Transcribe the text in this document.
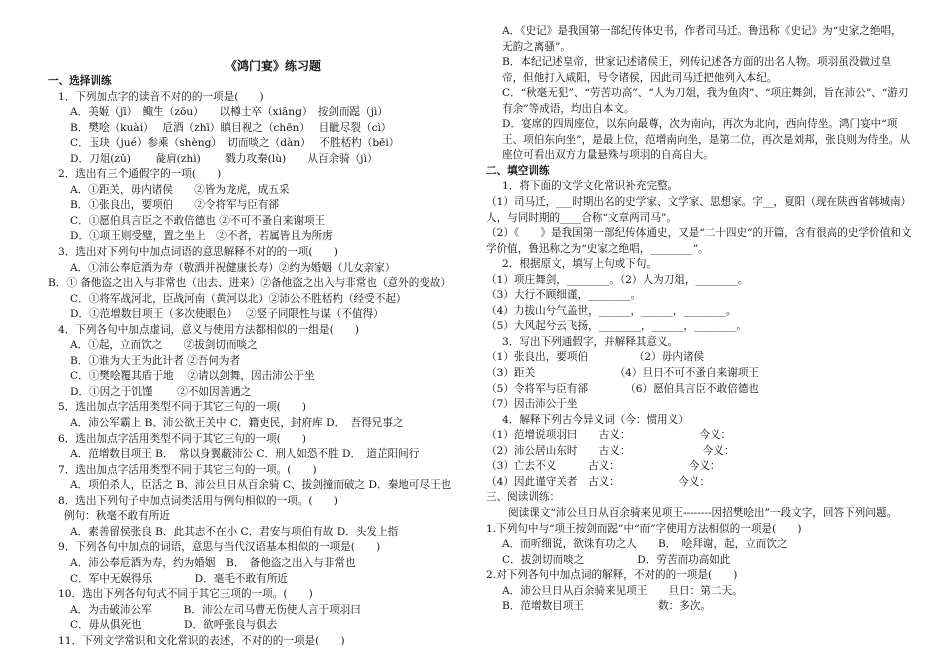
《鸿门宴》练习题
一、选择训练
1．下列加点字的读音不对的的一项是(　　)
A．美姬（jī）　鲰生（zōu）　　以樽士卒（xiāng）　按剑而跽（jì）
B．樊哙（kuài）　 卮酒（zhī）瞋目视之（chēn）　 目眦尽裂（cì）
C．玉玦（jué）参乘（shèng）　切而啖之（dàn）　 不胜桮杓（bēi）
D．刀俎(zǔ)　　 彘肩(zhì)　　 戮力攻秦(lù)　　从百余骑（jì）
2．选出有三个通假字的一项(　　)
A．①距关，毋内诸侯　　②皆为龙虎，成五采
B．①张良出，要项伯　　②令将军与臣有郤
C．①愿伯具言臣之不敢倍德也 ②不可不蚤自来谢项王
D．①项王则受璧，置之坐上　②不者，若属皆且为所虏
3．选出对下列句中加点词语的意思解释不对的的一项(　　)
A．①沛公奉卮酒为寿（敬酒并祝健康长寿）②约为婚姻（儿女亲家）
B．① 备他盗之出入与非常也（出去、进来）②备他盗之出入与非常也（意外的变故）
C．①将军战河北，臣战河南（黄河以北）②沛公不胜桮杓（经受不起）
D．①范增数目项王（多次使眼色）　 ②竖子同限性与谋（不值得）
4．下列各句中加点虚词，意义与使用方法都相似的一组是(　　)
A．①起，立而饮之　　②拔剑切而啖之
B．①谁为大王为此计者 ②吾何为者
C．①樊哙覆其盾于地　 ②请以剑舞，因击沛公于坐
D．①因之于饥馑　　 ②不如因善遇之
5．选出加点字活用类型不同于其它三句的一项(　　)
A．沛公军霸上 B、沛公欲王关中 C．籍吏民，封府库 D．　吾得兄事之
6．选出加点字活用类型不同于其它三句的一项(　　)
A．范增数目项王 B．　常以身翼蔽沛公 C．刑人如恐不胜 D．　道芷阳间行
7．选出加点字活用类型不同于其它三句的一项。(　　)
A．项伯杀人，臣活之 B、沛公旦日从百余骑 C、拔剑撞而破之 D．秦地可尽王也
8．选出下列句子中加点词类活用与例句相似的一项。(　　)
例句：秋毫不敢有所近
A．素善留侯张良 B．此其志不在小 C．君安与项伯有故 D．头发上指
9．下列各句中加点的词语，意思与当代汉语基本相似的一项是(　　)
A．沛公奉卮酒为寿，约为婚姻　B．　备他盗之出入与非常也
C．军中无娱得乐　　　　D．毫毛不敢有所近
10．选出下列各句句式不同于其它三项的一项。(　　)
A．为击破沛公军　　　B．沛公左司马曹无伤使人言于项羽曰
C．毋从俱死也　　　　D．欲呼张良与俱去
11．下列文学常识和文化常识的表述，不对的的一项是(　　)
A．《史记》是我国第一部纪传体史书，作者司马迁。鲁迅称《史记》为“史家之绝唱，无韵之离骚”。
B．本纪记述皇帝，世家记述诸侯王，列传记述各方面的出名人物。项羽虽没做过皇帝，但他打入咸阳，号令诸侯，因此司马迁把他列入本纪。
C．“秋毫无犯”、“劳苦功高”、“人为刀俎，我为鱼肉”、“项庄舞剑，旨在沛公”、“游刃有余”等成语，均出自本文。
D．宴席的四周座位，以东向最尊，次为南向，再次为北向，西向侍坐。鸿门宴中“项王、项伯东向坐”，是最上位，范增南向坐，是第二位，再次是刘邦，张良则为侍坐。从座位可看出双方力量悬殊与项羽的自高自大。
二、填空训练
1．将下面的文学文化常识补充完整。
（1）司马迁，___时期出名的史学家、文学家、思想家。字__，夏阳（现在陕西省韩城南）人，与同时期的____合称“文章两司马”。
（2）《　　》是我国第一部纪传体通史，又是“二十四史”的开篇，含有很高的史学价值和文学价值，鲁迅称之为“史家之绝唱，________”。
2．根据原文，填写上句或下句。
（1）项庄舞剑，________。（2）人为刀俎，________。
（3）大行不顾细谨，________。
（4）力拔山兮气盖世，______，______，________。
（5）大风起兮云飞扬，________，______，________。
3．写出下列通假字，并解释其意义。
（1）张良出，要项伯　　　　 （2）毋内诸侯
（3）距关　　　　　　　　（4）旦日不可不蚤自来谢项王
（5）令将军与臣有郤　　　　（6）愿伯具言臣不敢倍德也
（7）因击沛公于坐
4．解释下列古今异义词（今：惯用义）
（1）范增说项羽曰　　古义：　　　　　　　今义：
（2）沛公居山东时　　古义：　　　　　　　 今义：
（3）亡去不义　　　古义：　　　　　　　今义：
（4）因此谨守关者　古义：　　　　　　今义：
三、阅读训练：
阅读课文“沛公旦日从百余骑来见项王--------因招樊哙出”一段文字，回答下列问题。
1.下列句中与“项王按剑而跽”中“而”字使用方法相似的一项是(　　)
A．而听细说，欲诛有功之人　　B．　哙拜谢，起，立而饮之
C．拔剑切而啖之　　　　　D．劳苦而功高如此
2.对下列各句中加点词的解释，不对的的一项是(　　)
A．沛公旦日从百余骑来见项王　　旦日：第二天。
B．范增数目项王　　　　　　　数：多次。
